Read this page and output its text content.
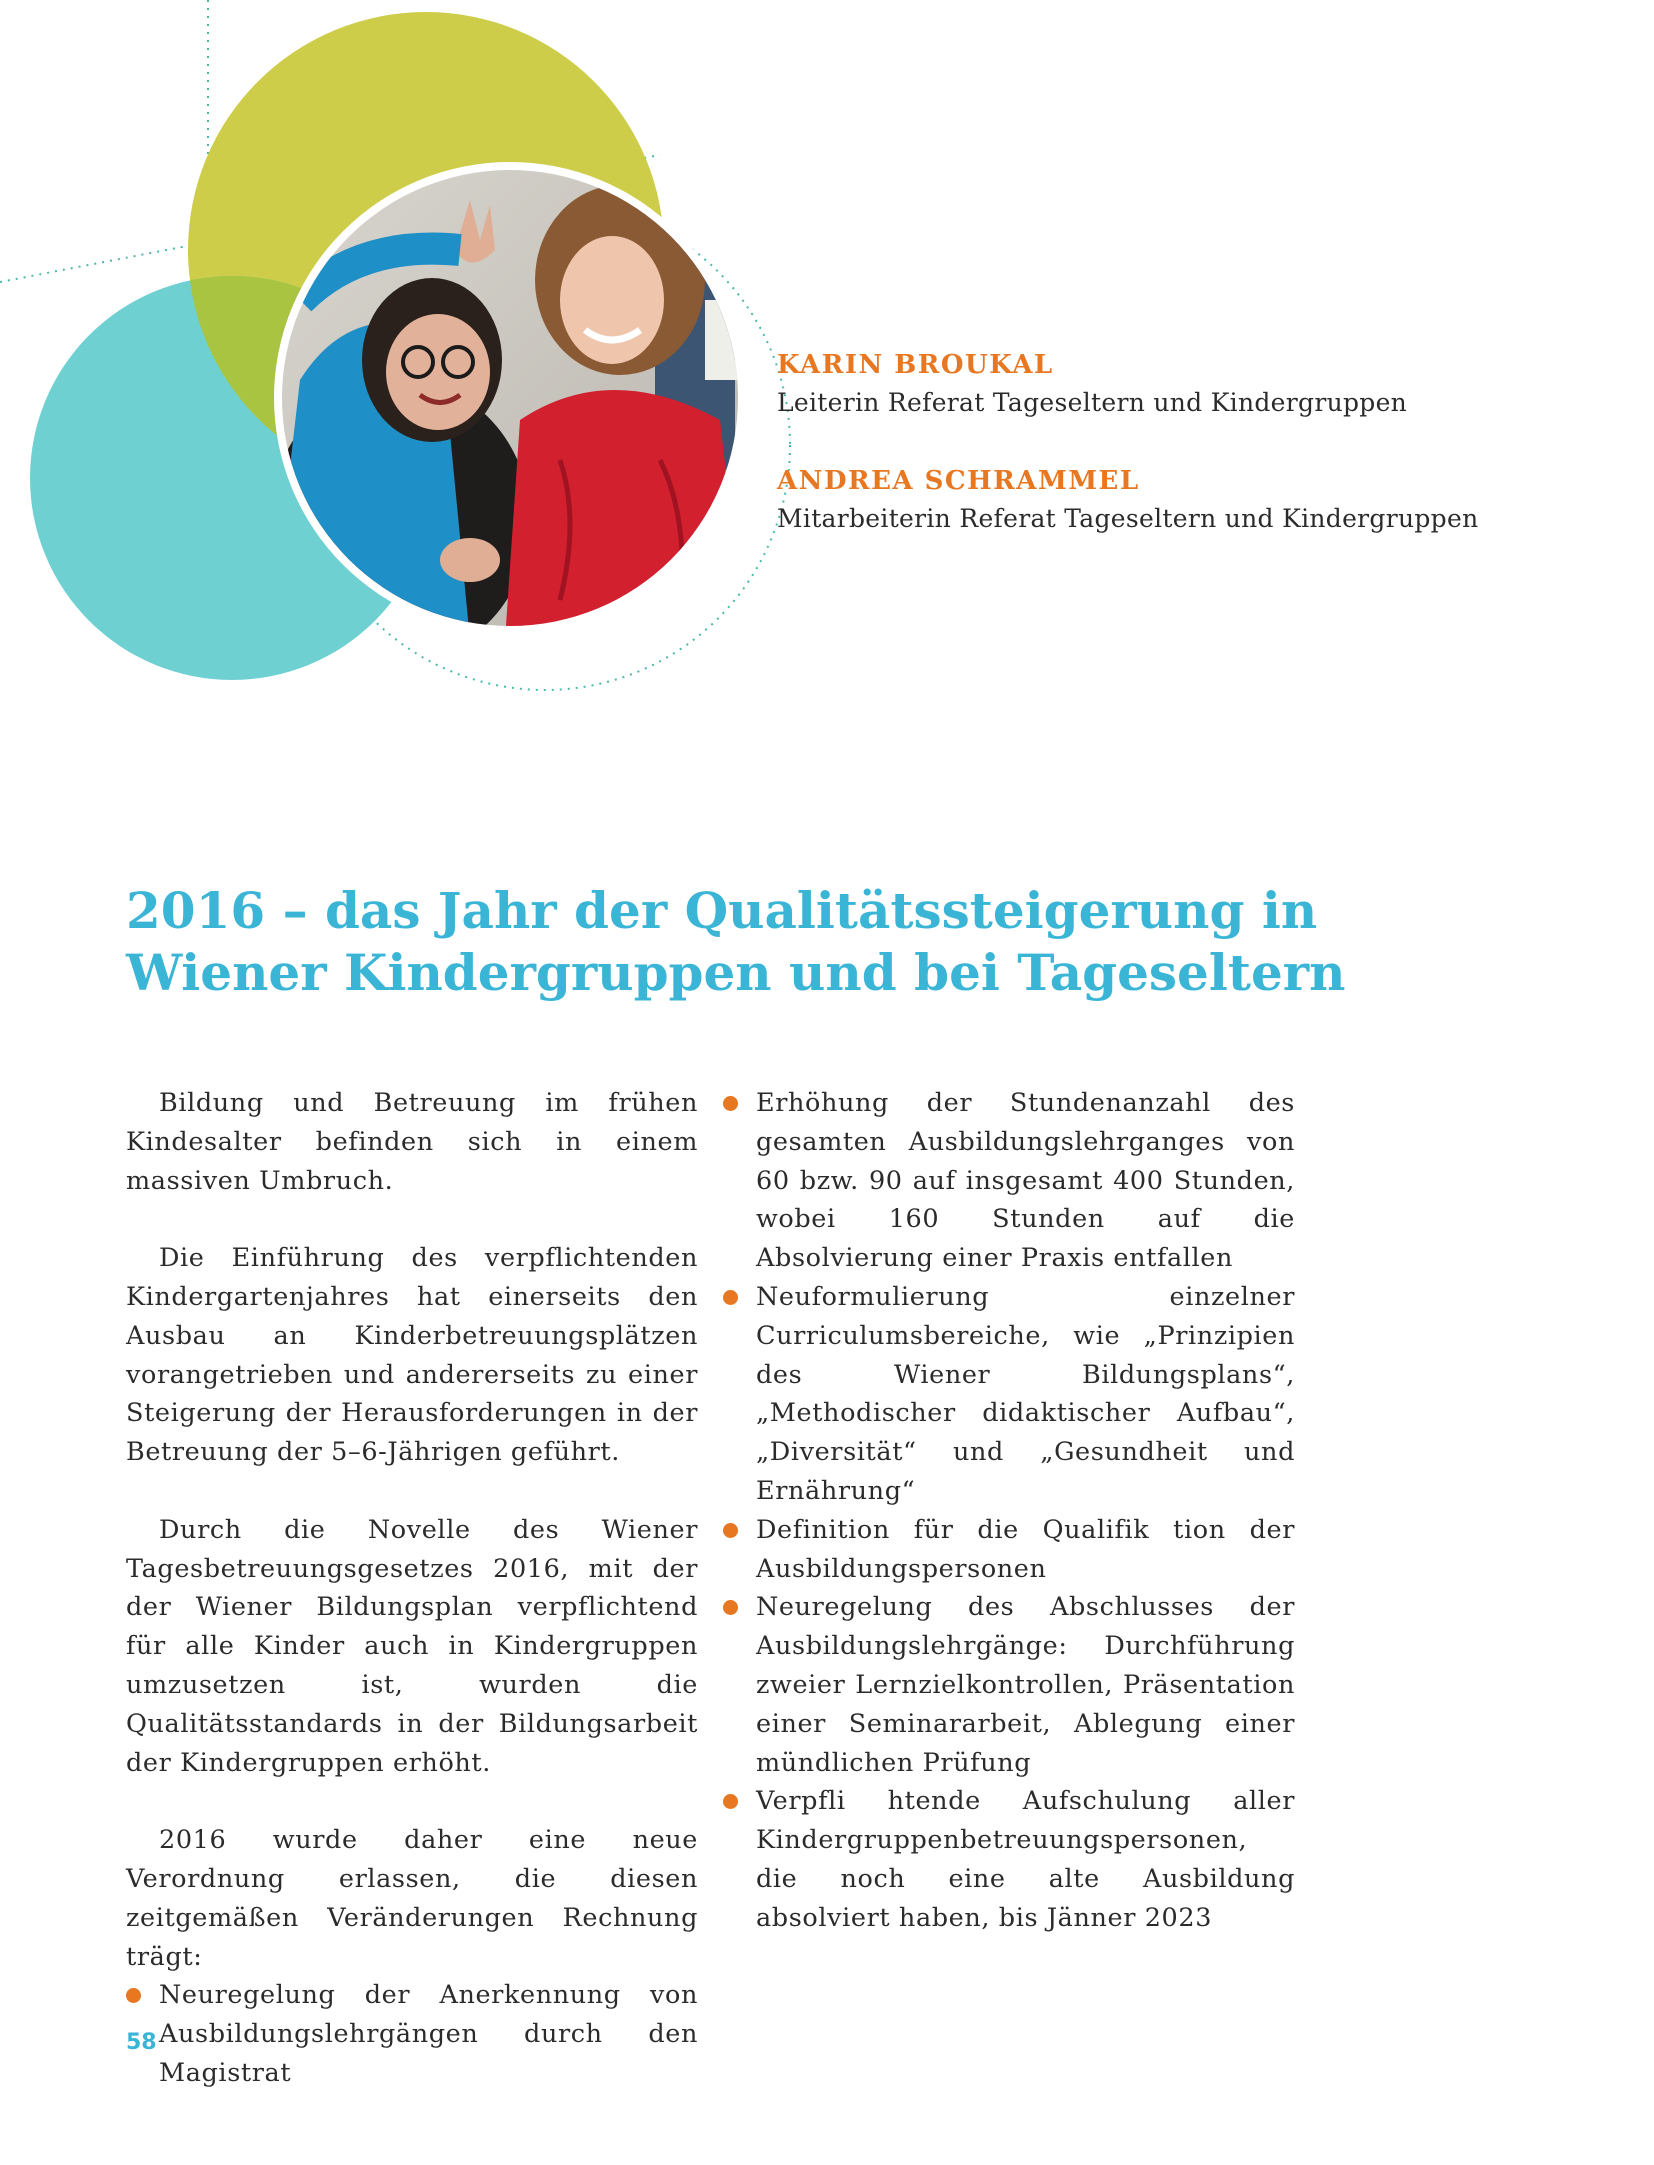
KARIN BROUKAL
Leiterin Referat Tageseltern und Kindergruppen
ANDREA SCHRAMMEL
Mitarbeiterin Referat Tageseltern und Kindergruppen
2016 – das Jahr der Qualitätssteigerung in
Wiener Kindergruppen und bei Tageseltern

Bildung und Betreuung im frühen Kindesalter befinden sich in einem massiven Umbruch.

Die Einführung des verpflichtenden Kindergartenjahres hat einerseits den Ausbau an Kinderbetreuungsplätzen vorangetrieben und andererseits zu einer Steigerung der Herausforderungen in der Betreuung der 5–6-Jährigen geführt.

Durch die Novelle des Wiener Tagesbetreuungsgesetzes 2016, mit der der Wiener Bildungsplan verpflichtend für alle Kinder auch in Kindergruppen umzusetzen ist, wurden die Qualitätsstandards in der Bildungsarbeit der Kindergruppen erhöht.

2016 wurde daher eine neue Verordnung erlassen, die diesen zeitgemäßen Veränderungen Rechnung trägt:

Neuregelung der Anerkennung von Ausbildungslehrgängen durch den Magistrat
Erhöhung der Stundenanzahl des gesamten Ausbildungslehrganges von 60 bzw. 90 auf insgesamt 400 Stunden, wobei 160 Stunden auf die Absolvierung einer Praxis entfallen
Neuformulierung einzelner Curriculumsbereiche, wie „Prinzipien des Wiener Bildungsplans“, „Methodischer didaktischer Aufbau“, „Diversität“ und „Gesundheit und Ernährung“
Definition für die Qualifik tion der Ausbildungspersonen
Neuregelung des Abschlusses der Ausbildungslehrgänge: Durchführung zweier Lernzielkontrollen, Präsentation einer Seminararbeit, Ablegung einer mündlichen Prüfung
Verpfli htende Aufschulung aller Kindergruppenbetreuungspersonen, die noch eine alte Ausbildung absolviert haben, bis Jänner 2023
58
